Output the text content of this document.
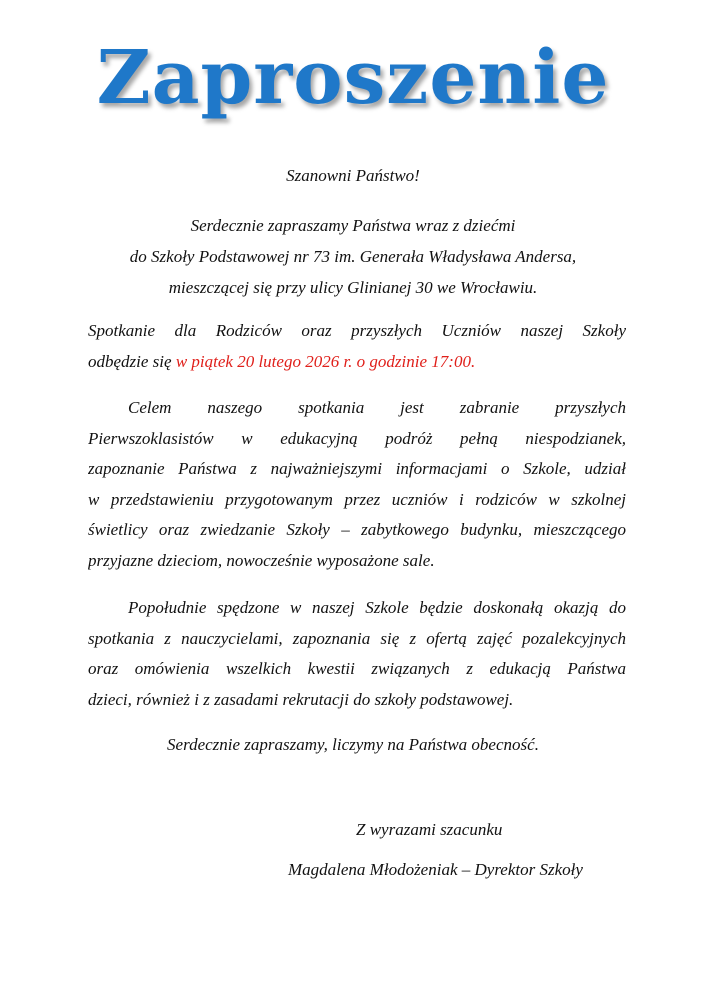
Zaproszenie
Szanowni Państwo!
Serdecznie zapraszamy Państwa wraz z dziećmi
do Szkoły Podstawowej nr 73 im. Generała Władysława Andersa,
mieszczącej się przy ulicy Glinianej 30 we Wrocławiu.
Spotkanie dla Rodziców oraz przyszłych Uczniów naszej Szkoły
odbędzie się w piątek 20 lutego 2026 r. o godzinie 17:00.
Celem naszego spotkania jest zabranie przyszłych
Pierwszoklasistów w edukacyjną podróż pełną niespodzianek,
zapoznanie Państwa z najważniejszymi informacjami o Szkole, udział
w przedstawieniu przygotowanym przez uczniów i rodziców w szkolnej
świetlicy oraz zwiedzanie Szkoły – zabytkowego budynku, mieszczącego
przyjazne dzieciom, nowocześnie wyposażone sale.
Popołudnie spędzone w naszej Szkole będzie doskonałą okazją do
spotkania z nauczycielami, zapoznania się z ofertą zajęć pozalekcyjnych
oraz omówienia wszelkich kwestii związanych z edukacją Państwa
dzieci, również i z zasadami rekrutacji do szkoły podstawowej.
Serdecznie zapraszamy, liczymy na Państwa obecność.
Z wyrazami szacunku
Magdalena Młodożeniak – Dyrektor Szkoły
